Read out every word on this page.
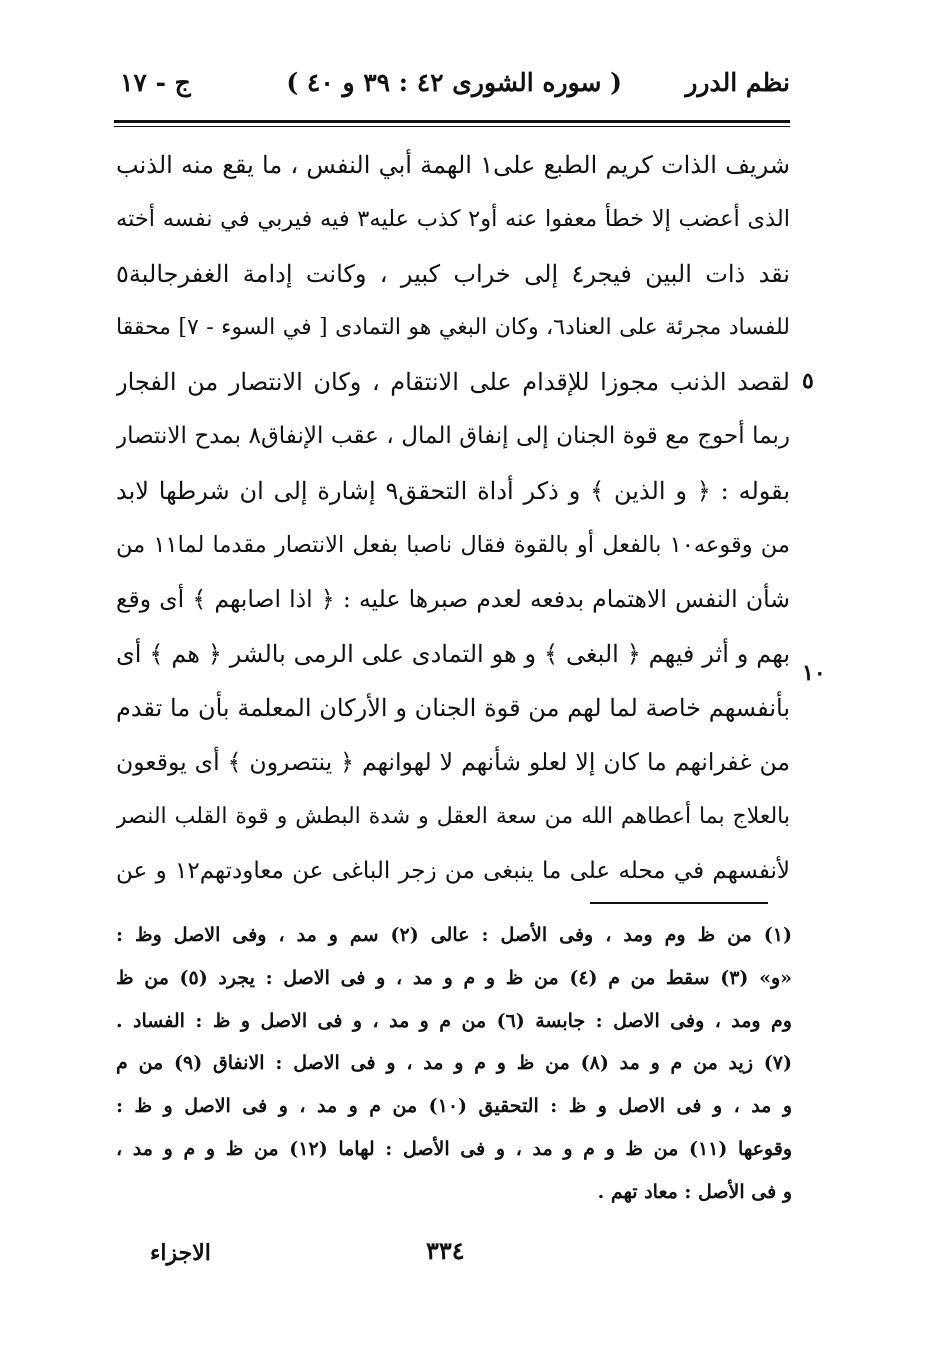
نظم الدرر
( سوره الشورى ٤٢ : ٣٩ و ٤٠ )
ج - ١٧
٥
١٠
شريف الذات كريم الطبع على١ الهمة أبي النفس ، ما يقع منه الذنب
الذى أعضب إلا خطأ معفوا عنه أو٢ كذب عليه٣ فيه فيربي في نفسه أخته
نقد ذات البين فيجر٤ إلى خراب كبير ، وكانت إدامة الغفرجالبة٥
للفساد مجرئة على العناد٦، وكان البغي هو التمادى [ في السوء - ٧] محققا
لقصد الذنب مجوزا للإقدام على الانتقام ، وكان الانتصار من الفجار
ربما أحوج مع قوة الجنان إلى إنفاق المال ، عقب الإنفاق٨ بمدح الانتصار
بقوله : ﴿ و الذين ﴾ و ذكر أداة التحقق٩ إشارة إلى ان شرطها لابد
من وقوعه١٠ بالفعل أو بالقوة فقال ناصبا بفعل الانتصار مقدما لما١١ من
شأن النفس الاهتمام بدفعه لعدم صبرها عليه : ﴿ اذا اصابهم ﴾ أى وقع
بهم و أثر فيهم ﴿ البغى ﴾ و هو التمادى على الرمى بالشر ﴿ هم ﴾ أى
بأنفسهم خاصة لما لهم من قوة الجنان و الأركان المعلمة بأن ما تقدم
من غفرانهم ما كان إلا لعلو شأنهم لا لهوانهم ﴿ ينتصرون ﴾ أى يوقعون
بالعلاج بما أعطاهم الله من سعة العقل و شدة البطش و قوة القلب النصر
لأنفسهم في محله على ما ينبغى من زجر الباغى عن معاودتهم١٢ و عن
(١) من ظ وم ومد ، وفى الأصل : عالى (٢) سم و مد ، وفى الاصل وظ :
«و» (٣) سقط من م (٤) من ظ و م و مد ، و فى الاصل : يجرد (٥) من ظ
وم ومد ، وفى الاصل : جابسة (٦) من م و مد ، و فى الاصل و ظ : الفساد .
(٧) زيد من م و مد (٨) من ظ و م و مد ، و فى الاصل : الانفاق (٩) من م
و مد ، و فى الاصل و ظ : التحقيق (١٠) من م و مد ، و فى الاصل و ظ :
وقوعها (١١) من ظ و م و مد ، و فى الأصل : لهاما (١٢) من ظ و م و مد ،
و فى الأصل : معاد تهم .
٣٣٤
الاجزاء
